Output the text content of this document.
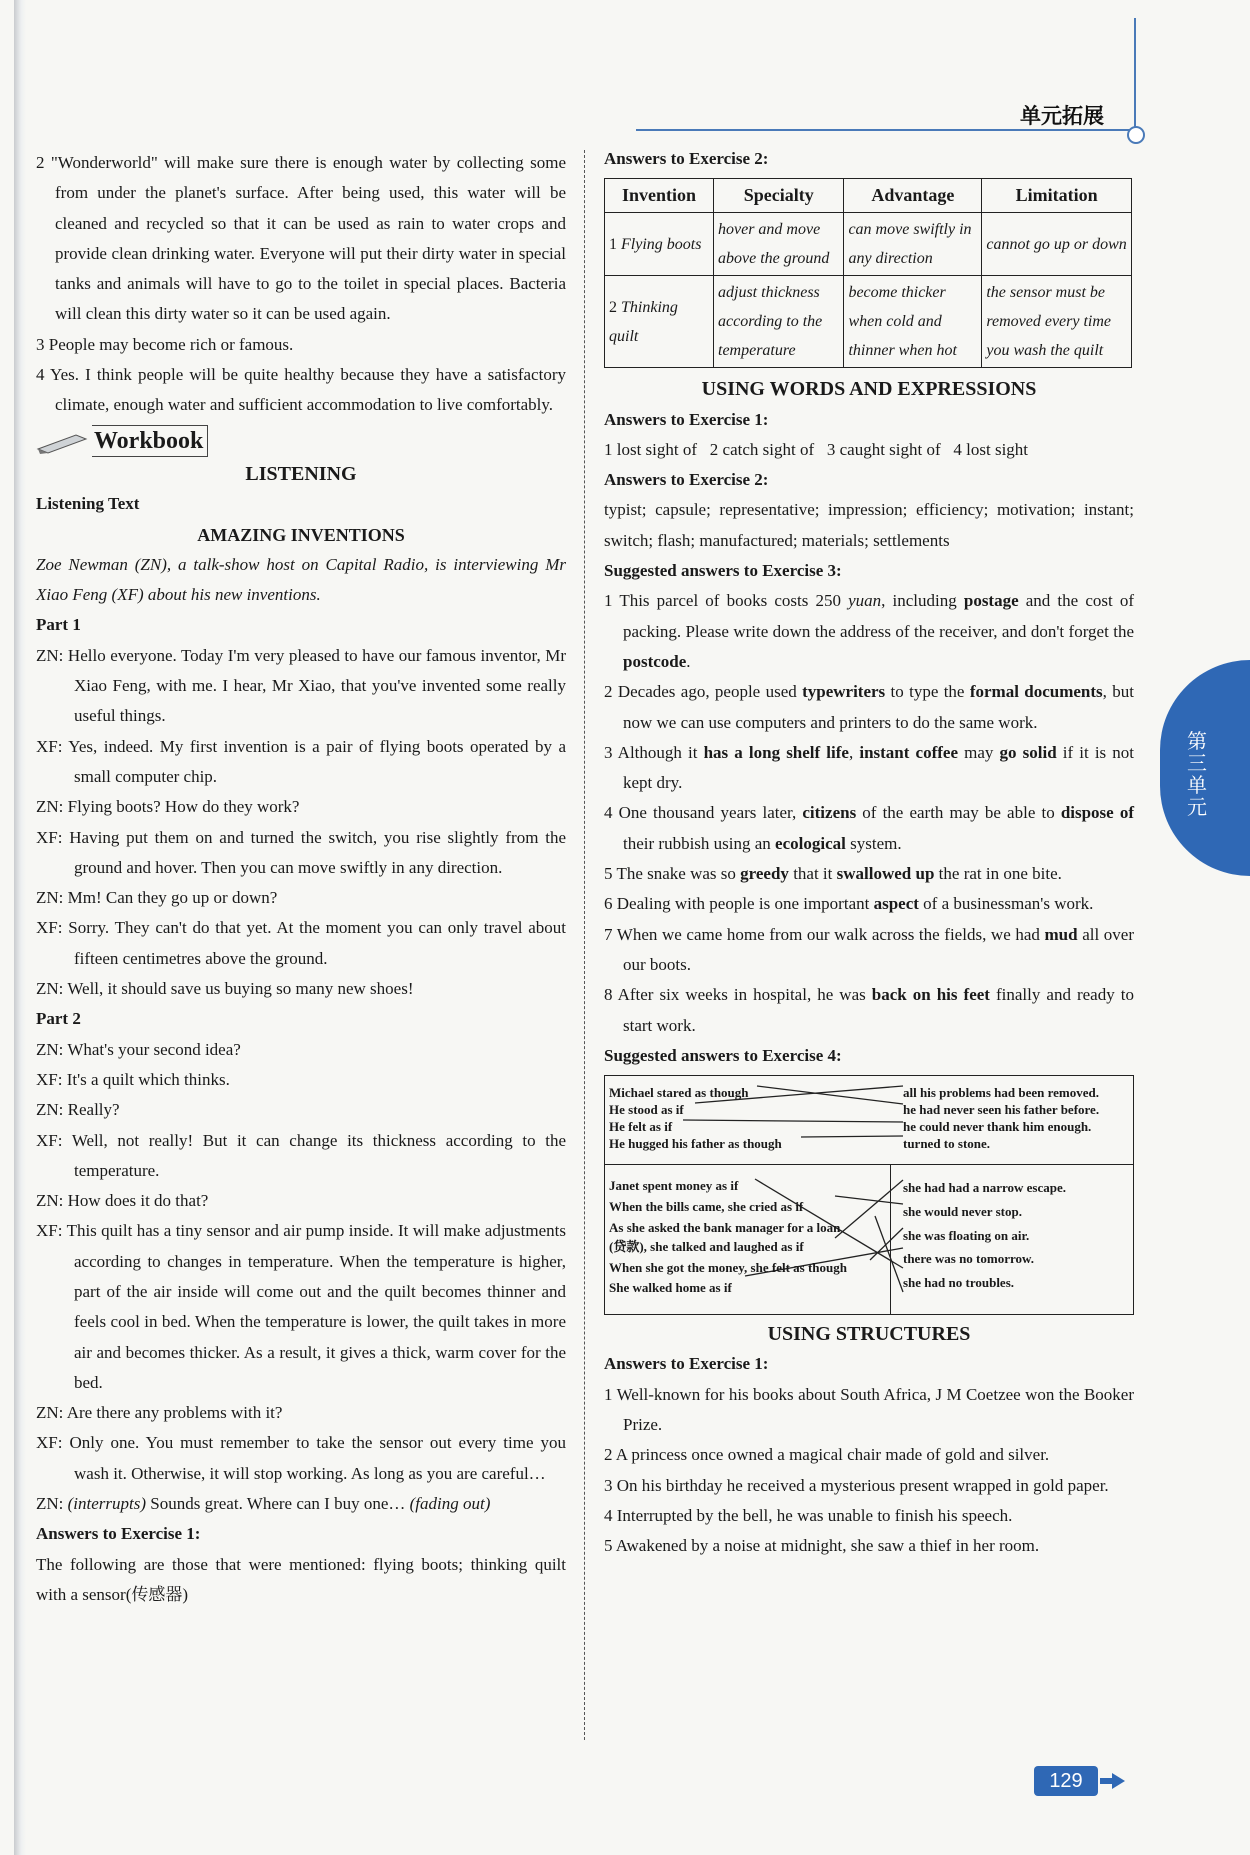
单元拓展
第三单元

2 "Wonderworld" will make sure there is enough water by collecting some from under the planet's surface. After being used, this water will be cleaned and recycled so that it can be used as rain to water crops and provide clean drinking water. Everyone will put their dirty water in special tanks and animals will have to go to the toilet in special places. Bacteria will clean this dirty water so it can be used again.

3 People may become rich or famous.

4 Yes. I think people will be quite healthy because they have a satisfactory climate, enough water and sufficient accommodation to live comfortably.

Workbook

LISTENING

Listening Text

AMAZING INVENTIONS

Zoe Newman (ZN), a talk-show host on Capital Radio, is interviewing Mr Xiao Feng (XF) about his new inventions.

Part 1

ZN: Hello everyone. Today I'm very pleased to have our famous inventor, Mr Xiao Feng, with me. I hear, Mr Xiao, that you've invented some really useful things.

XF: Yes, indeed. My first invention is a pair of flying boots operated by a small computer chip.

ZN: Flying boots? How do they work?

XF: Having put them on and turned the switch, you rise slightly from the ground and hover. Then you can move swiftly in any direction.

ZN: Mm! Can they go up or down?

XF: Sorry. They can't do that yet. At the moment you can only travel about fifteen centimetres above the ground.

ZN: Well, it should save us buying so many new shoes!

Part 2

ZN: What's your second idea?

XF: It's a quilt which thinks.

ZN: Really?

XF: Well, not really! But it can change its thickness according to the temperature.

ZN: How does it do that?

XF: This quilt has a tiny sensor and air pump inside. It will make adjustments according to changes in temperature. When the temperature is higher, part of the air inside will come out and the quilt becomes thinner and feels cool in bed. When the temperature is lower, the quilt takes in more air and becomes thicker. As a result, it gives a thick, warm cover for the bed.

ZN: Are there any problems with it?

XF: Only one. You must remember to take the sensor out every time you wash it. Otherwise, it will stop working. As long as you are careful…

ZN: (interrupts) Sounds great. Where can I buy one… (fading out)

Answers to Exercise 1:

The following are those that were mentioned: flying boots; thinking quilt with a sensor(传感器)

Answers to Exercise 2:

Invention	Specialty	Advantage	Limitation
1 Flying boots	hover and move above the ground	can move swiftly in any direction	cannot go up or down
2 Thinking quilt	adjust thickness according to the temperature	become thicker when cold and thinner when hot	the sensor must be removed every time you wash the quilt

USING WORDS AND EXPRESSIONS

Answers to Exercise 1:

1 lost sight of   2 catch sight of   3 caught sight of   4 lost sight

Answers to Exercise 2:

typist; capsule; representative; impression; efficiency; motivation; instant; switch; flash; manufactured; materials; settlements

Suggested answers to Exercise 3:

1 This parcel of books costs 250 yuan, including postage and the cost of packing. Please write down the address of the receiver, and don't forget the postcode.

2 Decades ago, people used typewriters to type the formal documents, but now we can use computers and printers to do the same work.

3 Although it has a long shelf life, instant coffee may go solid if it is not kept dry.

4 One thousand years later, citizens of the earth may be able to dispose of their rubbish using an ecological system.

5 The snake was so greedy that it swallowed up the rat in one bite.

6 Dealing with people is one important aspect of a businessman's work.

7 When we came home from our walk across the fields, we had mud all over our boots.

8 After six weeks in hospital, he was back on his feet finally and ready to start work.

Suggested answers to Exercise 4:

Michael stared as though
He stood as if
He felt as if
He hugged his father as though
all his problems had been removed.
he had never seen his father before.
he could never thank him enough.
turned to stone.
Janet spent money as if
When the bills came, she cried as if
As she asked the bank manager for a loan
(贷款), she talked and laughed as if
When she got the money, she felt as though
She walked home as if
she had had a narrow escape.
she would never stop.
she was floating on air.
there was no tomorrow.
she had no troubles.

USING STRUCTURES

Answers to Exercise 1:

1 Well-known for his books about South Africa, J M Coetzee won the Booker Prize.

2 A princess once owned a magical chair made of gold and silver.

3 On his birthday he received a mysterious present wrapped in gold paper.

4 Interrupted by the bell, he was unable to finish his speech.

5 Awakened by a noise at midnight, she saw a thief in her room.

129
